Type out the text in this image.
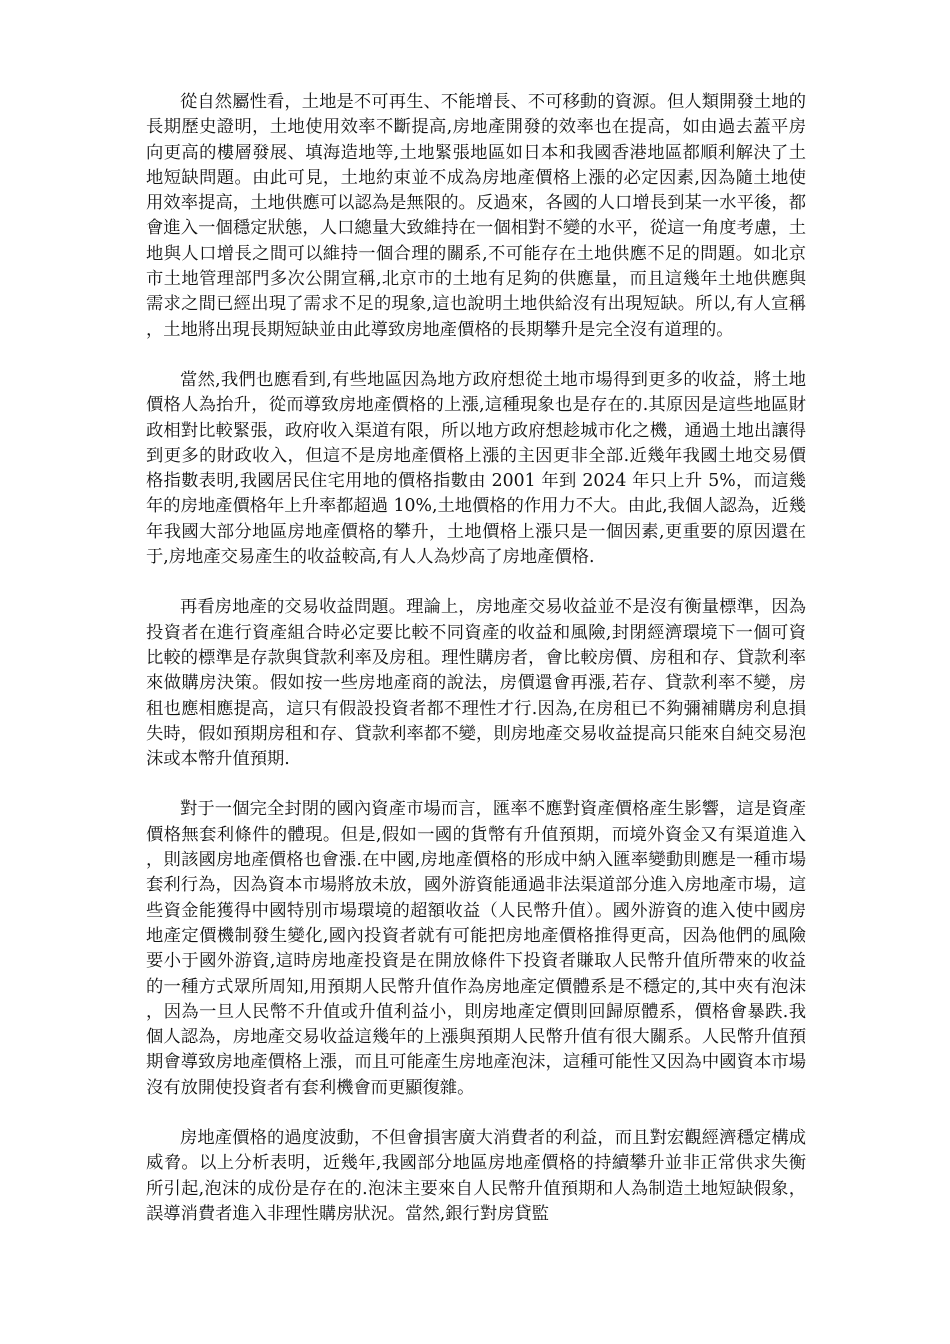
從自然屬性看，土地是不可再生、不能增長、不可移動的資源。但人類開發土地的長期歷史證明，土地使用效率不斷提高,房地產開發的效率也在提高，如由過去蓋平房向更高的樓層發展、填海造地等,土地緊張地區如日本和我國香港地區都順利解決了土地短缺問題。由此可見，土地約束並不成為房地產價格上漲的必定因素,因為隨土地使用效率提高，土地供應可以認為是無限的。反過來，各國的人口增長到某一水平後，都會進入一個穩定狀態，人口總量大致維持在一個相對不變的水平，從這一角度考慮，土地與人口增長之間可以維持一個合理的關系,不可能存在土地供應不足的問題。如北京市土地管理部門多次公開宣稱,北京市的土地有足夠的供應量，而且這幾年土地供應與需求之間已經出現了需求不足的現象,這也說明土地供給沒有出現短缺。所以,有人宣稱，土地將出現長期短缺並由此導致房地產價格的長期攀升是完全沒有道理的。

當然,我們也應看到,有些地區因為地方政府想從土地市場得到更多的收益，將土地價格人為抬升，從而導致房地產價格的上漲,這種現象也是存在的.其原因是這些地區財政相對比較緊張，政府收入渠道有限，所以地方政府想趁城市化之機，通過土地出讓得到更多的財政收入，但這不是房地產價格上漲的主因更非全部.近幾年我國土地交易價格指數表明,我國居民住宅用地的價格指數由 2001 年到 2024 年只上升 5%，而這幾年的房地產價格年上升率都超過 10%,土地價格的作用力不大。由此,我個人認為，近幾年我國大部分地區房地產價格的攀升，土地價格上漲只是一個因素,更重要的原因還在于,房地產交易產生的收益較高,有人人為炒高了房地產價格.

再看房地產的交易收益問題。理論上，房地產交易收益並不是沒有衡量標準，因為投資者在進行資產組合時必定要比較不同資產的收益和風險,封閉經濟環境下一個可資比較的標準是存款與貸款利率及房租。理性購房者，會比較房價、房租和存、貸款利率來做購房決策。假如按一些房地產商的說法，房價還會再漲,若存、貸款利率不變，房租也應相應提高，這只有假設投資者都不理性才行.因為,在房租已不夠彌補購房利息損失時，假如預期房租和存、貸款利率都不變，則房地產交易收益提高只能來自純交易泡沫或本幣升值預期.

對于一個完全封閉的國內資產市場而言，匯率不應對資產價格產生影響，這是資產價格無套利條件的體現。但是,假如一國的貨幣有升值預期，而境外資金又有渠道進入，則該國房地產價格也會漲.在中國,房地產價格的形成中納入匯率變動則應是一種市場套利行為，因為資本市場將放未放，國外游資能通過非法渠道部分進入房地產市場，這些資金能獲得中國特別市場環境的超額收益（人民幣升值）。國外游資的進入使中國房地產定價機制發生變化,國內投資者就有可能把房地產價格推得更高，因為他們的風險要小于國外游資,這時房地產投資是在開放條件下投資者賺取人民幣升值所帶來的收益的一種方式眾所周知,用預期人民幣升值作為房地產定價體系是不穩定的,其中夾有泡沫，因為一旦人民幣不升值或升值利益小，則房地產定價則回歸原體系，價格會暴跌.我個人認為，房地產交易收益這幾年的上漲與預期人民幣升值有很大關系。人民幣升值預期會導致房地產價格上漲，而且可能產生房地產泡沫，這種可能性又因為中國資本市場沒有放開使投資者有套利機會而更顯復雜。

房地產價格的過度波動，不但會損害廣大消費者的利益，而且對宏觀經濟穩定構成威脅。以上分析表明，近幾年,我國部分地區房地產價格的持續攀升並非正常供求失衡所引起,泡沫的成份是存在的.泡沫主要來自人民幣升值預期和人為制造土地短缺假象，誤導消費者進入非理性購房狀況。當然,銀行對房貸監
